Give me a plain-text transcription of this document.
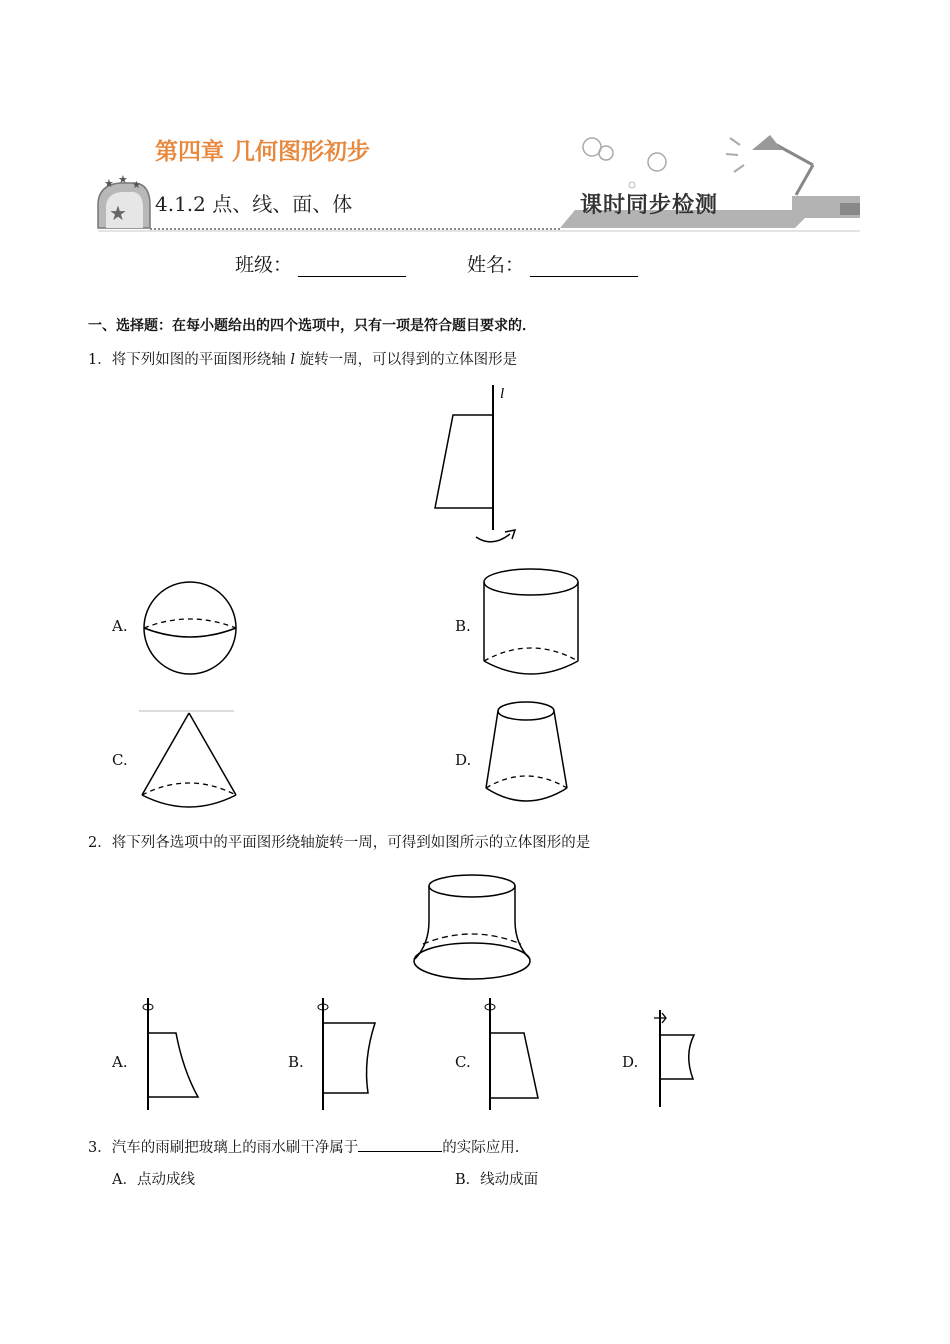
★
★ ★ ★
第四章 几何图形初步
4.1.2 点、线、面、体	课时同步检测
班级：	姓名：
一、选择题：在每小题给出的四个选项中，只有一项是符合题目要求的．
1．将下列如图的平面图形绕轴 l 旋转一周，可以得到的立体图形是
l
A.	B.
C.	D.
2．将下列各选项中的平面图形绕轴旋转一周，可得到如图所示的立体图形的是
A.	B.	C.	D.
3．汽车的雨刷把玻璃上的雨水刷干净属于	的实际应用.
A．点动成线	B．线动成面
